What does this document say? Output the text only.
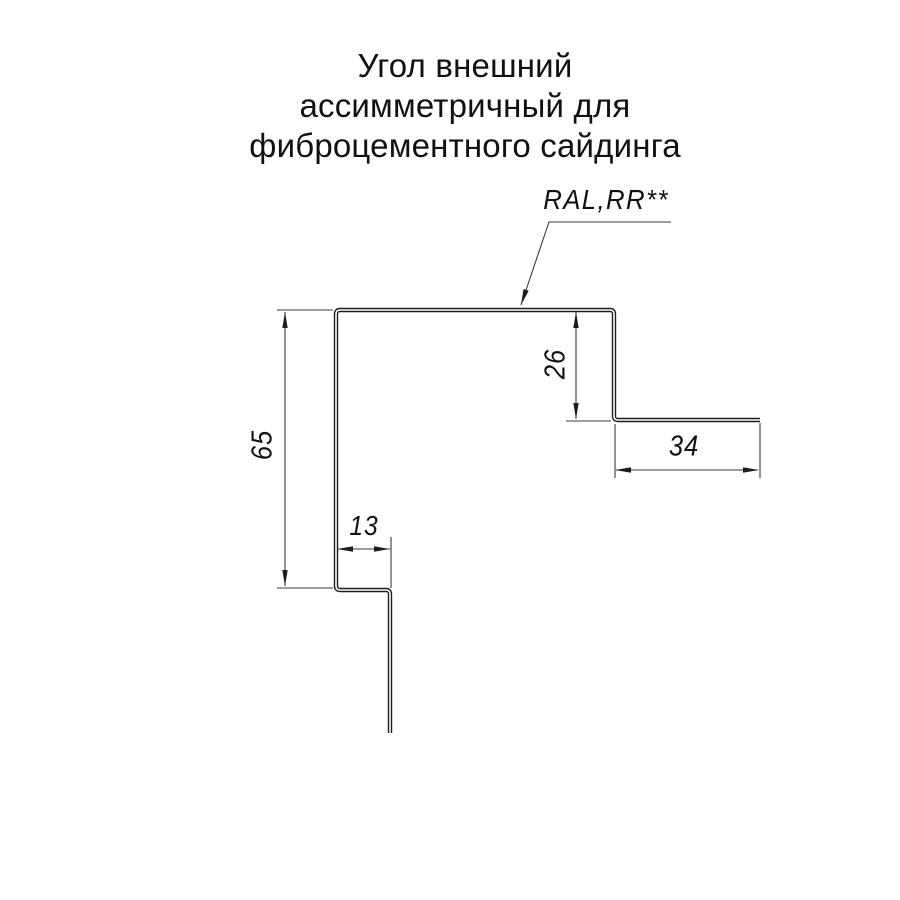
Угол внешний
ассимметричный для
фиброцементного сайдинга
65
13
26
34
RAL,RR**
